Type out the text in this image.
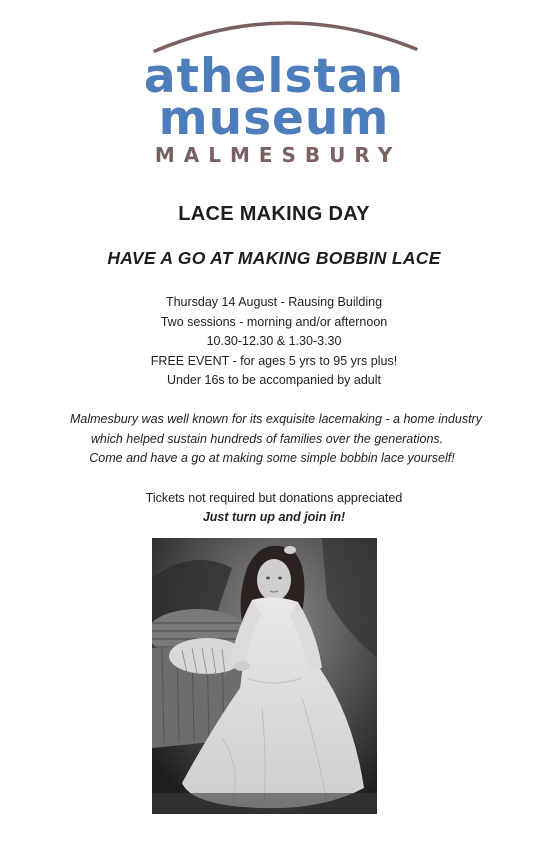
athelstan
museum
MALMESBURY
LACE MAKING DAY
HAVE A GO AT MAKING BOBBIN LACE
Thursday 14 August - Rausing Building
Two sessions - morning and/or afternoon
10.30-12.30 & 1.30-3.30
FREE EVENT - for ages 5 yrs to 95 yrs plus!
Under 16s to be accompanied by adult
Malmesbury was well known for its exquisite lacemaking - a home industry
which helped sustain hundreds of families over the generations.
Come and have a go at making some simple bobbin lace yourself!
Tickets not required but donations appreciated
Just turn up and join in!
